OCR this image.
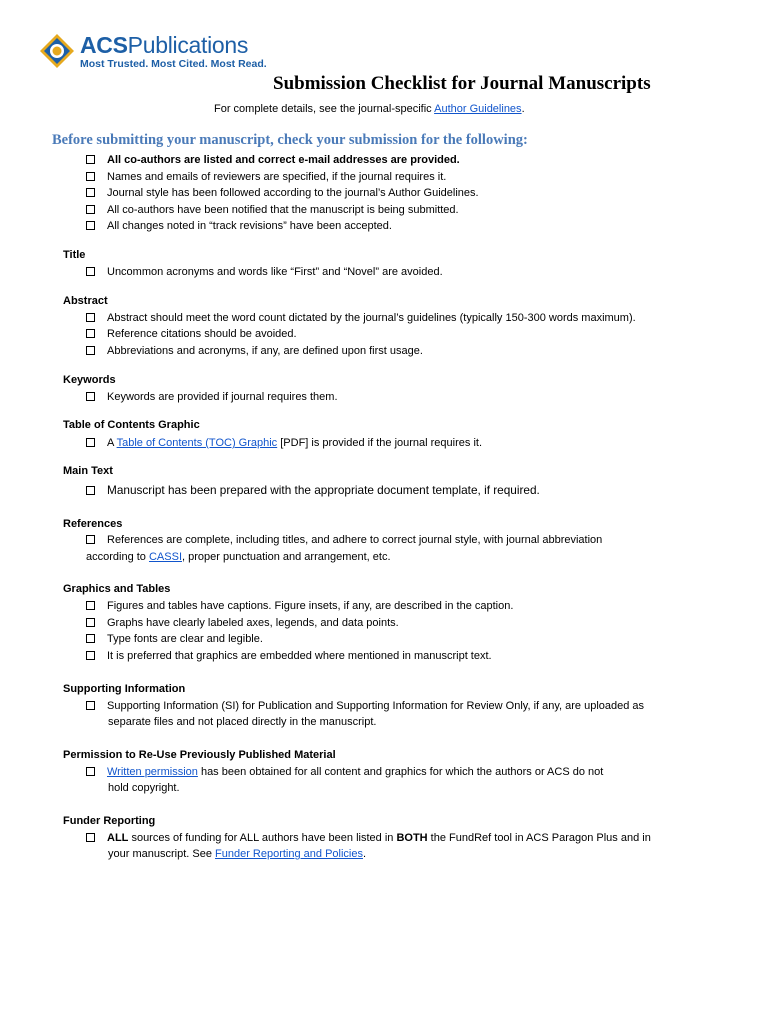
ACSPublications
Most Trusted. Most Cited. Most Read.
Submission Checklist for Journal Manuscripts
For complete details, see the journal-specific Author Guidelines.
Before submitting your manuscript, check your submission for the following:
All co-authors are listed and correct e-mail addresses are provided.
Names and emails of reviewers are specified, if the journal requires it.
Journal style has been followed according to the journal’s Author Guidelines.
All co-authors have been notified that the manuscript is being submitted.
All changes noted in “track revisions” have been accepted.
Title
Uncommon acronyms and words like “First” and “Novel” are avoided.
Abstract
Abstract should meet the word count dictated by the journal’s guidelines (typically 150-300 words maximum).
Reference citations should be avoided.
Abbreviations and acronyms, if any, are defined upon first usage.
Keywords
Keywords are provided if journal requires them.
Table of Contents Graphic
A Table of Contents (TOC) Graphic [PDF] is provided if the journal requires it.
Main Text
Manuscript has been prepared with the appropriate document template, if required.
References
References are complete, including titles, and adhere to correct journal style, with journal abbreviation
according to CASSI, proper punctuation and arrangement, etc.
Graphics and Tables
Figures and tables have captions. Figure insets, if any, are described in the caption.
Graphs have clearly labeled axes, legends, and data points.
Type fonts are clear and legible.
It is preferred that graphics are embedded where mentioned in manuscript text.
Supporting Information
Supporting Information (SI) for Publication and Supporting Information for Review Only, if any, are uploaded as
separate files and not placed directly in the manuscript.
Permission to Re-Use Previously Published Material
Written permission has been obtained for all content and graphics for which the authors or ACS do not
hold copyright.
Funder Reporting
ALL sources of funding for ALL authors have been listed in BOTH the FundRef tool in ACS Paragon Plus and in
your manuscript. See Funder Reporting and Policies.
